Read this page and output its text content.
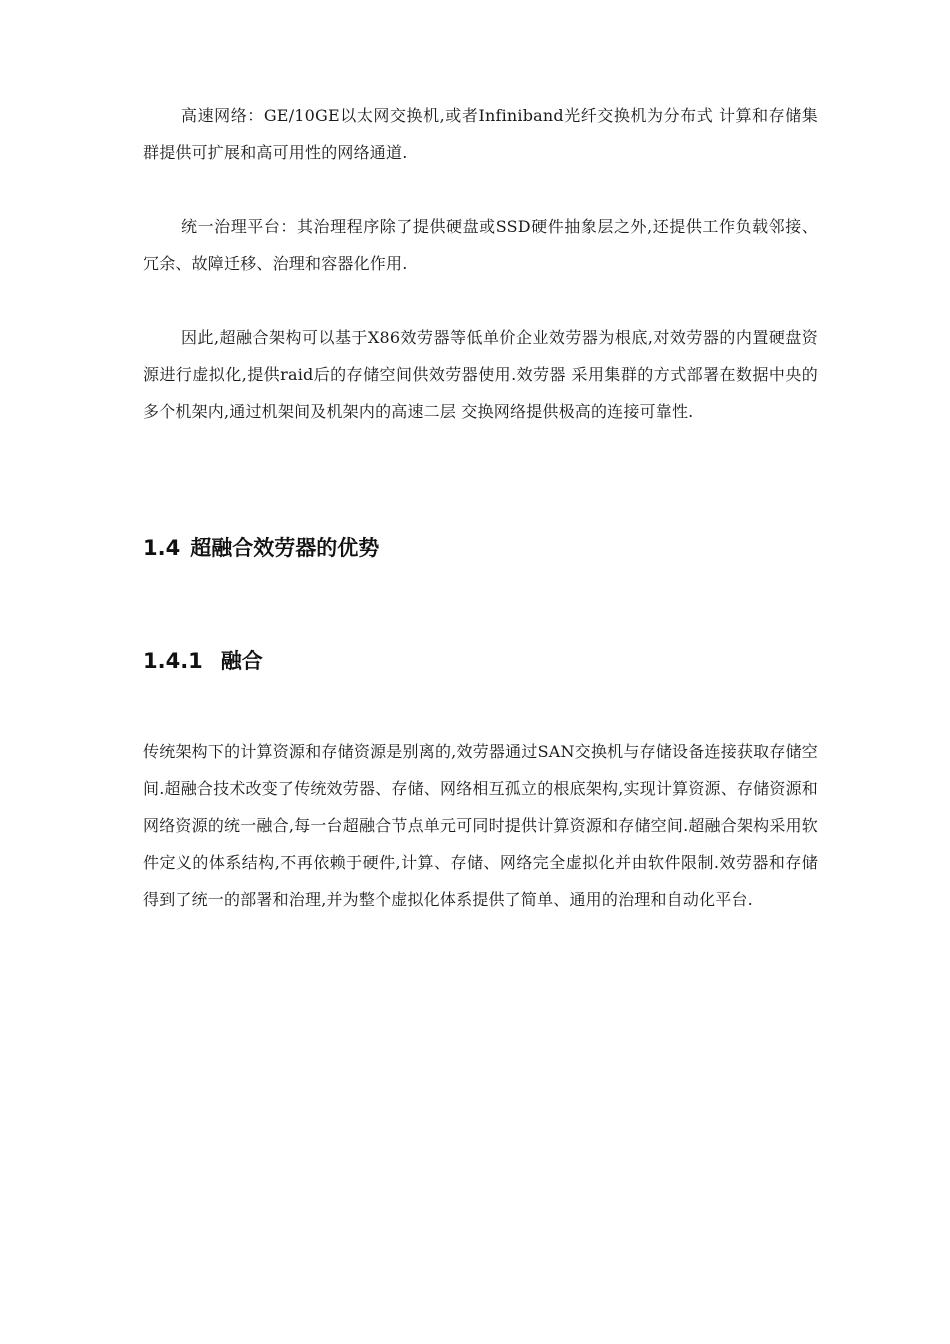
高速网络：GE/10GE以太网交换机,或者Infiniband光纤交换机为分布式 计算和存储集群提供可扩展和高可用性的网络通道.

统一治理平台：其治理程序除了提供硬盘或SSD硬件抽象层之外,还提供工作负载邻接、冗余、故障迁移、治理和容器化作用.

因此,超融合架构可以基于X86效劳器等低单价企业效劳器为根底,对效劳器的内置硬盘资源进行虚拟化,提供raid后的存储空间供效劳器使用.效劳器 采用集群的方式部署在数据中央的多个机架内,通过机架间及机架内的高速二层 交换网络提供极高的连接可靠性.

1.4 超融合效劳器的优势
1.4.1 融合

传统架构下的计算资源和存储资源是别离的,效劳器通过SAN交换机与存储设备连接获取存储空间.超融合技术改变了传统效劳器、存储、网络相互孤立的根底架构,实现计算资源、存储资源和网络资源的统一融合,每一台超融合节点单元可同时提供计算资源和存储空间.超融合架构采用软件定义的体系结构,不再依赖于硬件,计算、存储、网络完全虚拟化并由软件限制.效劳器和存储得到了统一的部署和治理,并为整个虚拟化体系提供了简单、通用的治理和自动化平台.
